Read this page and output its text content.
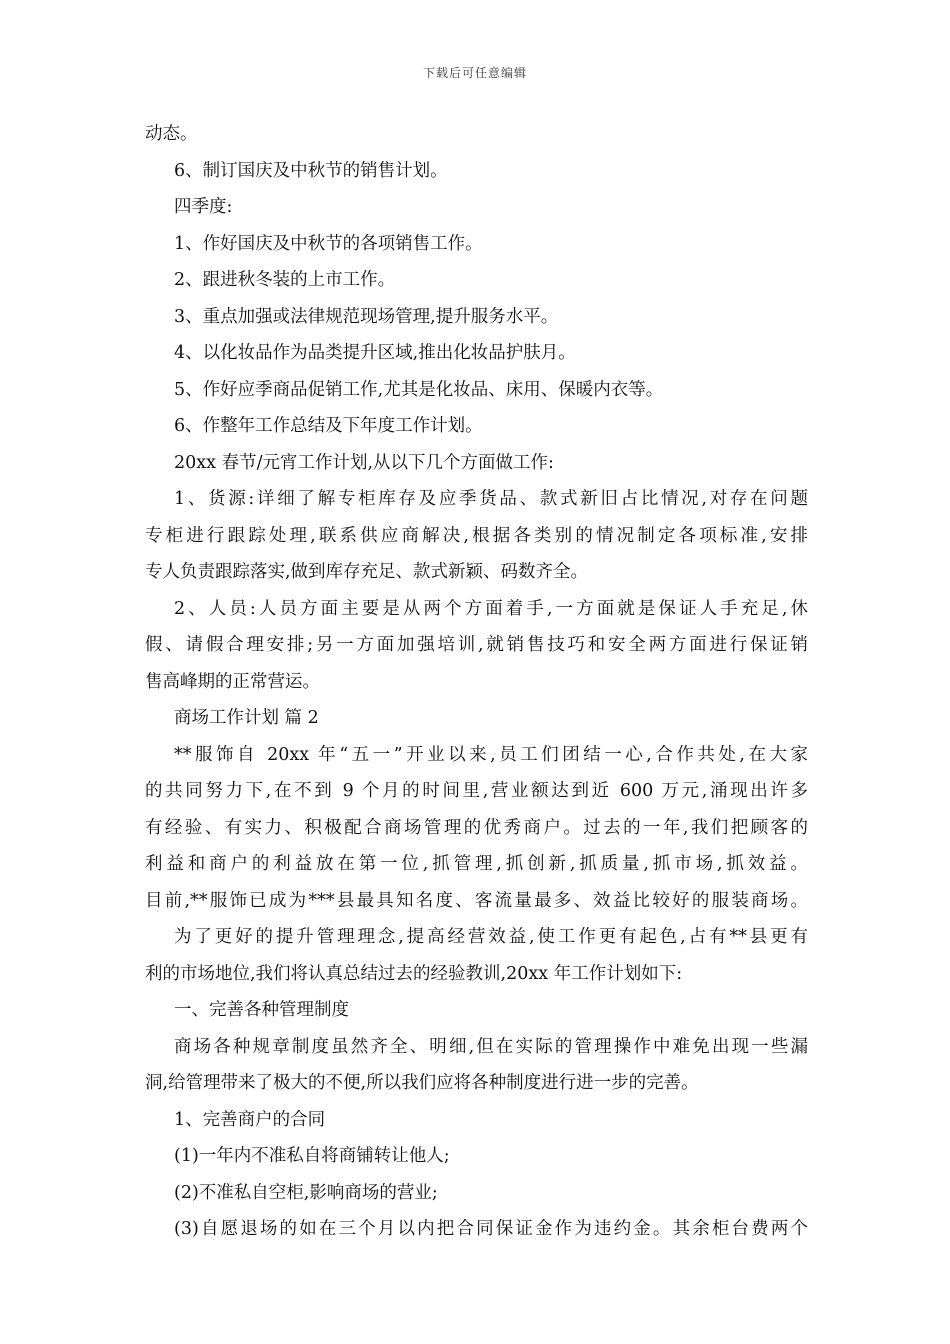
下载后可任意编辑
动态。
6、制订国庆及中秋节的销售计划。
四季度:
1、作好国庆及中秋节的各项销售工作。
2、跟进秋冬装的上市工作。
3、重点加强或法律规范现场管理,提升服务水平。
4、以化妆品作为品类提升区域,推出化妆品护肤月。
5、作好应季商品促销工作,尤其是化妆品、床用、保暖内衣等。
6、作整年工作总结及下年度工作计划。
20xx 春节/元宵工作计划,从以下几个方面做工作:
1、货源:详细了解专柜库存及应季货品、款式新旧占比情况,对存在问题
专柜进行跟踪处理,联系供应商解决,根据各类别的情况制定各项标准,安排
专人负责跟踪落实,做到库存充足、款式新颖、码数齐全。
2、人员:人员方面主要是从两个方面着手,一方面就是保证人手充足,休
假、请假合理安排;另一方面加强培训,就销售技巧和安全两方面进行保证销
售高峰期的正常营运。
商场工作计划 篇 2
**服饰自 20xx 年“五一”开业以来,员工们团结一心,合作共处,在大家
的共同努力下,在不到 9 个月的时间里,营业额达到近 600 万元,涌现出许多
有经验、有实力、积极配合商场管理的优秀商户。过去的一年,我们把顾客的
利益和商户的利益放在第一位,抓管理,抓创新,抓质量,抓市场,抓效益。
目前,**服饰已成为***县最具知名度、客流量最多、效益比较好的服装商场。
为了更好的提升管理理念,提高经营效益,使工作更有起色,占有**县更有
利的市场地位,我们将认真总结过去的经验教训,20xx 年工作计划如下:
一、完善各种管理制度
商场各种规章制度虽然齐全、明细,但在实际的管理操作中难免出现一些漏
洞,给管理带来了极大的不便,所以我们应将各种制度进行进一步的完善。
1、完善商户的合同
(1)一年内不准私自将商铺转让他人;
(2)不准私自空柜,影响商场的营业;
(3)自愿退场的如在三个月以内把合同保证金作为违约金。其余柜台费两个
